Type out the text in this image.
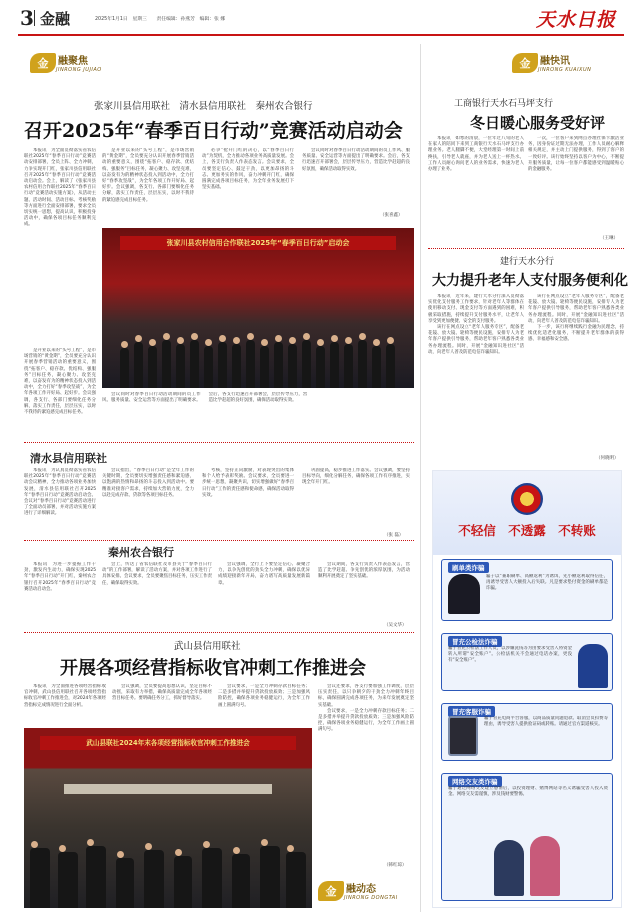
3 金融	2025年1月1日　星期三　　责任编辑：孙燕芳　编辑：张 娜	天水日报
金 融聚焦
JINRONG JUJIAO
张家川县信用联社　清水县信用联社　秦州农合银行
召开2025年“春季百日行动”竞赛活动启动会

本报讯　为全面贯彻落实省农信联社2025年“春季百日行动”竞赛活动安排部署，全员上阵、全力冲刺，力争实现开门红，张家川县信用联社召开2025年“春季百日行动”竞赛活动启动会。会上，解读了《张家川县农村信用合作联社2025年“春季百日行动”竞赛活动实施方案》，从活动主题、活动时间、活动目标、考核奖励等方面进行全面安排部署，要求全员切实统一思想，提高认识，积极投身活动中，确保各项目标任务顺利完成。

是开业以来的“头号工程”，是市场营销的“黄金期”，全员要充分认识开展春季营销活动的重要意义，围绕“拓客户、稳存款、优结构、强服务”目标任务，凝心聚力、攻坚克难，以奋发有为的精神状态投入到活动中，全力打好“春季攻坚战”，为全年各项工作开好局、起好步。会议强调，各支行、各部门要细化任务分解，落实工作责任，层层压实，以时不我待的紧迫感完成目标任务。

必争”抢开门红的决心，以“春季百日行动”为契机，全力推动各项业务高质量发展。会上，各支行负责人作表态发言。会议要求，全员要坚定信心、鼓足干劲，以更加昂扬的斗志、更加务实的作风，奋力冲刺开门红，确保圆满完成各项目标任务，为全年业务发展打下坚实基础。

会议同时对春季百日行动活动期间的员工作风、服务质量、安全运营等方面提出了明确要求。会后，各支行迅速召开部署会，层层传导压力，营造比学赶超的良好氛围，确保活动取得实效。

（张喜鑫）
张家川县农村信用合作联社2025年“春季百日行动”启动会

是开业以来的“头号工程”，是市场营销的“黄金期”，全员要充分认识开展春季营销活动的重要意义，围绕“拓客户、稳存款、优结构、强服务”目标任务，凝心聚力、攻坚克难，以奋发有为的精神状态投入到活动中，全力打好“春季攻坚战”，为全年各项工作开好局、起好步。会议强调，各支行、各部门要细化任务分解，落实工作责任，层层压实，以时不我待的紧迫感完成目标任务。

会议同时对春季百日行动活动期间的员工作风、服务质量、安全运营等方面提出了明确要求。会后，各支行迅速召开部署会，层层传导压力，营造比学赶超的良好氛围，确保活动取得实效。

清水县信用联社

本报讯　为认真贯彻落实省农信联社2025年“春季百日行动”竞赛活动会议精神，全力推动各项业务加快发展，清水县信用联社召开2025年“春季百日行动”竞赛活动启动会。会议对“春季百日行动”竞赛活动进行了全面动员部署，并对活动实施方案进行了详细解读。

会议指出，“春季百日行动”是全年工作的关键时期，全员要切实增强责任感和紧迫感，以饱满的热情和昂扬的斗志投入到活动中。要精准对接客户需求，持续加大营销力度，全力以赴完成存款、贷款等各项目标任务。

考核，坚持正向激励，对表现突出的集体和个人给予表彰奖励。会议要求，全员要进一步统一思想，凝聚共识，切实增强做好“春季百日行动”工作的责任感和使命感，确保活动取得实效。

巩固提高，稳步推进工作落实。会议强调，要坚持目标导向，细化分解任务，确保各项工作有序推进，实现全年开门红。

（张 磊）
秦州农合银行

本报讯　为进一步提振工作干劲，激发内生动力，确保实现2025年“春季百日行动”开门红，秦州农合银行召开2025年“春季百日行动”竞赛活动启动会。

会上，传达了省农信联社及市县关于“春季百日行动”的工作部署，解读了活动方案，并对各项工作进行了具体安排。会议要求，全员要聚焦目标任务，压实工作责任，确保取得实效。

会议强调，全行上下要坚定信心、凝聚合力，以争先创优的劲头全力冲刺，确保以优异成绩迎接新年开局，奋力谱写高质量发展新篇章。

会议期间，各支行负责人作表态发言，营造了比学赶超、争先创优的浓厚氛围，为活动顺利开展奠定了坚实基础。

（吴文华）
武山县信用联社
开展各项经营指标收官冲刺工作推进会

本报讯　为全面推进各项经营指标收官冲刺，武山县信用联社召开各项经营指标收官冲刺工作推进会，对2024年各项经营指标完成情况进行全面分析。

会议强调，全员要提高思想认识，坚定目标不动摇，采取有力举措，确保高质量完成全年各项经营目标任务。要明确任务分工，抓好督导落实。

会议要求，一是全力冲刺存款目标任务；二是多措并举提升贷款投放质效；三是加强风险防控，确保各项业务稳健运行，为全年工作画上圆满句号。

会议还要求，各支行要加强工作调度，层层压实责任，以只争朝夕的干劲全力冲刺年终目标，确保圆满完成各项任务，为来年发展奠定坚实基础。

会议要求，一是全力冲刺存款目标任务；二是多措并举提升贷款投放质效；三是加强风险防控，确保各项业务稳健运行，为全年工作画上圆满句号。

（韩红琼）
武山县联社2024年末各项经营指标收官冲刺工作推进会
金 融动态
JINRONG DONGTAI
金 融快讯
JINRONG KUAIXUN
工商银行天水石马坪支行
冬日暖心服务受好评

本报讯　如寒的清晨，一位年过八旬的老人在家人的陪同下来到工商银行天水石马坪支行办理业务。老人腿脚不便，大堂经理第一时间上前搀扶，引导老人就座，并为老人送上一杯热水。工作人员耐心询问老人的业务需求，快速为老人办理了业务。

一次，一位客户来到网点办理社保卡激活业务，因身份证过期无法办理，工作人员耐心解释相关规定，并主动上门提供服务，得到了客户的一致好评。该行始终坚持以客户为中心，不断提升服务质量，让每一位客户都能感受到温暖贴心的金融服务。

（王琳）
建行天水分行
大力提升老年人支付服务便利化

本报讯　近年来，建行天水分行深入贯彻落实优化支付服务工作要求，针对老年人等群体在使用移动支付、现金支付等方面遇到的困难，积极采取措施，持续提升支付服务水平，让老年人享受到更加便捷、安全的支付服务。

该行在网点设立“老年人服务专区”，配备老花镜、放大镜、轮椅等便民设施，安排专人为老年客户提供引导服务，帮助老年客户熟悉各类业务办理流程。同时，开展“金融知识进社区”活动，向老年人普及防范电信诈骗知识。

该行在网点设立“老年人服务专区”，配备老花镜、放大镜、轮椅等便民设施，安排专人为老年客户提供引导服务，帮助老年客户熟悉各类业务办理流程。同时，开展“金融知识进社区”活动，向老年人普及防范电信诈骗知识。

下一步，该行将继续践行金融为民理念，持续优化适老化服务，不断提升老年群体的获得感、幸福感和安全感。

（何晓明）
不轻信　不透露　不转账
刷单类诈骗
骗子以“兼职刷单、高额返利”为诱饵，先小额返利取得信任，再诱导受害人大额投入后失联。凡是要求垫付资金的刷单都是诈骗。
冒充公检法诈骗
骗子冒充公检法工作人员，以涉嫌洗钱等为由要求受害人将资金转入所谓“安全账户”。公检法机关不会通过电话办案，更没有“安全账户”。
冒充客服诈骗
骗子冒充电商平台客服，以商品质量问题退款、取消会员扣费等理由，诱导受害人提供验证码或转账。请通过官方渠道核实。
网络交友类诈骗
骗子通过网络交友建立感情后，以投资理财、赌博网站等名义诱骗受害人投入资金。网络交友需谨慎，涉及钱财要警惕。
